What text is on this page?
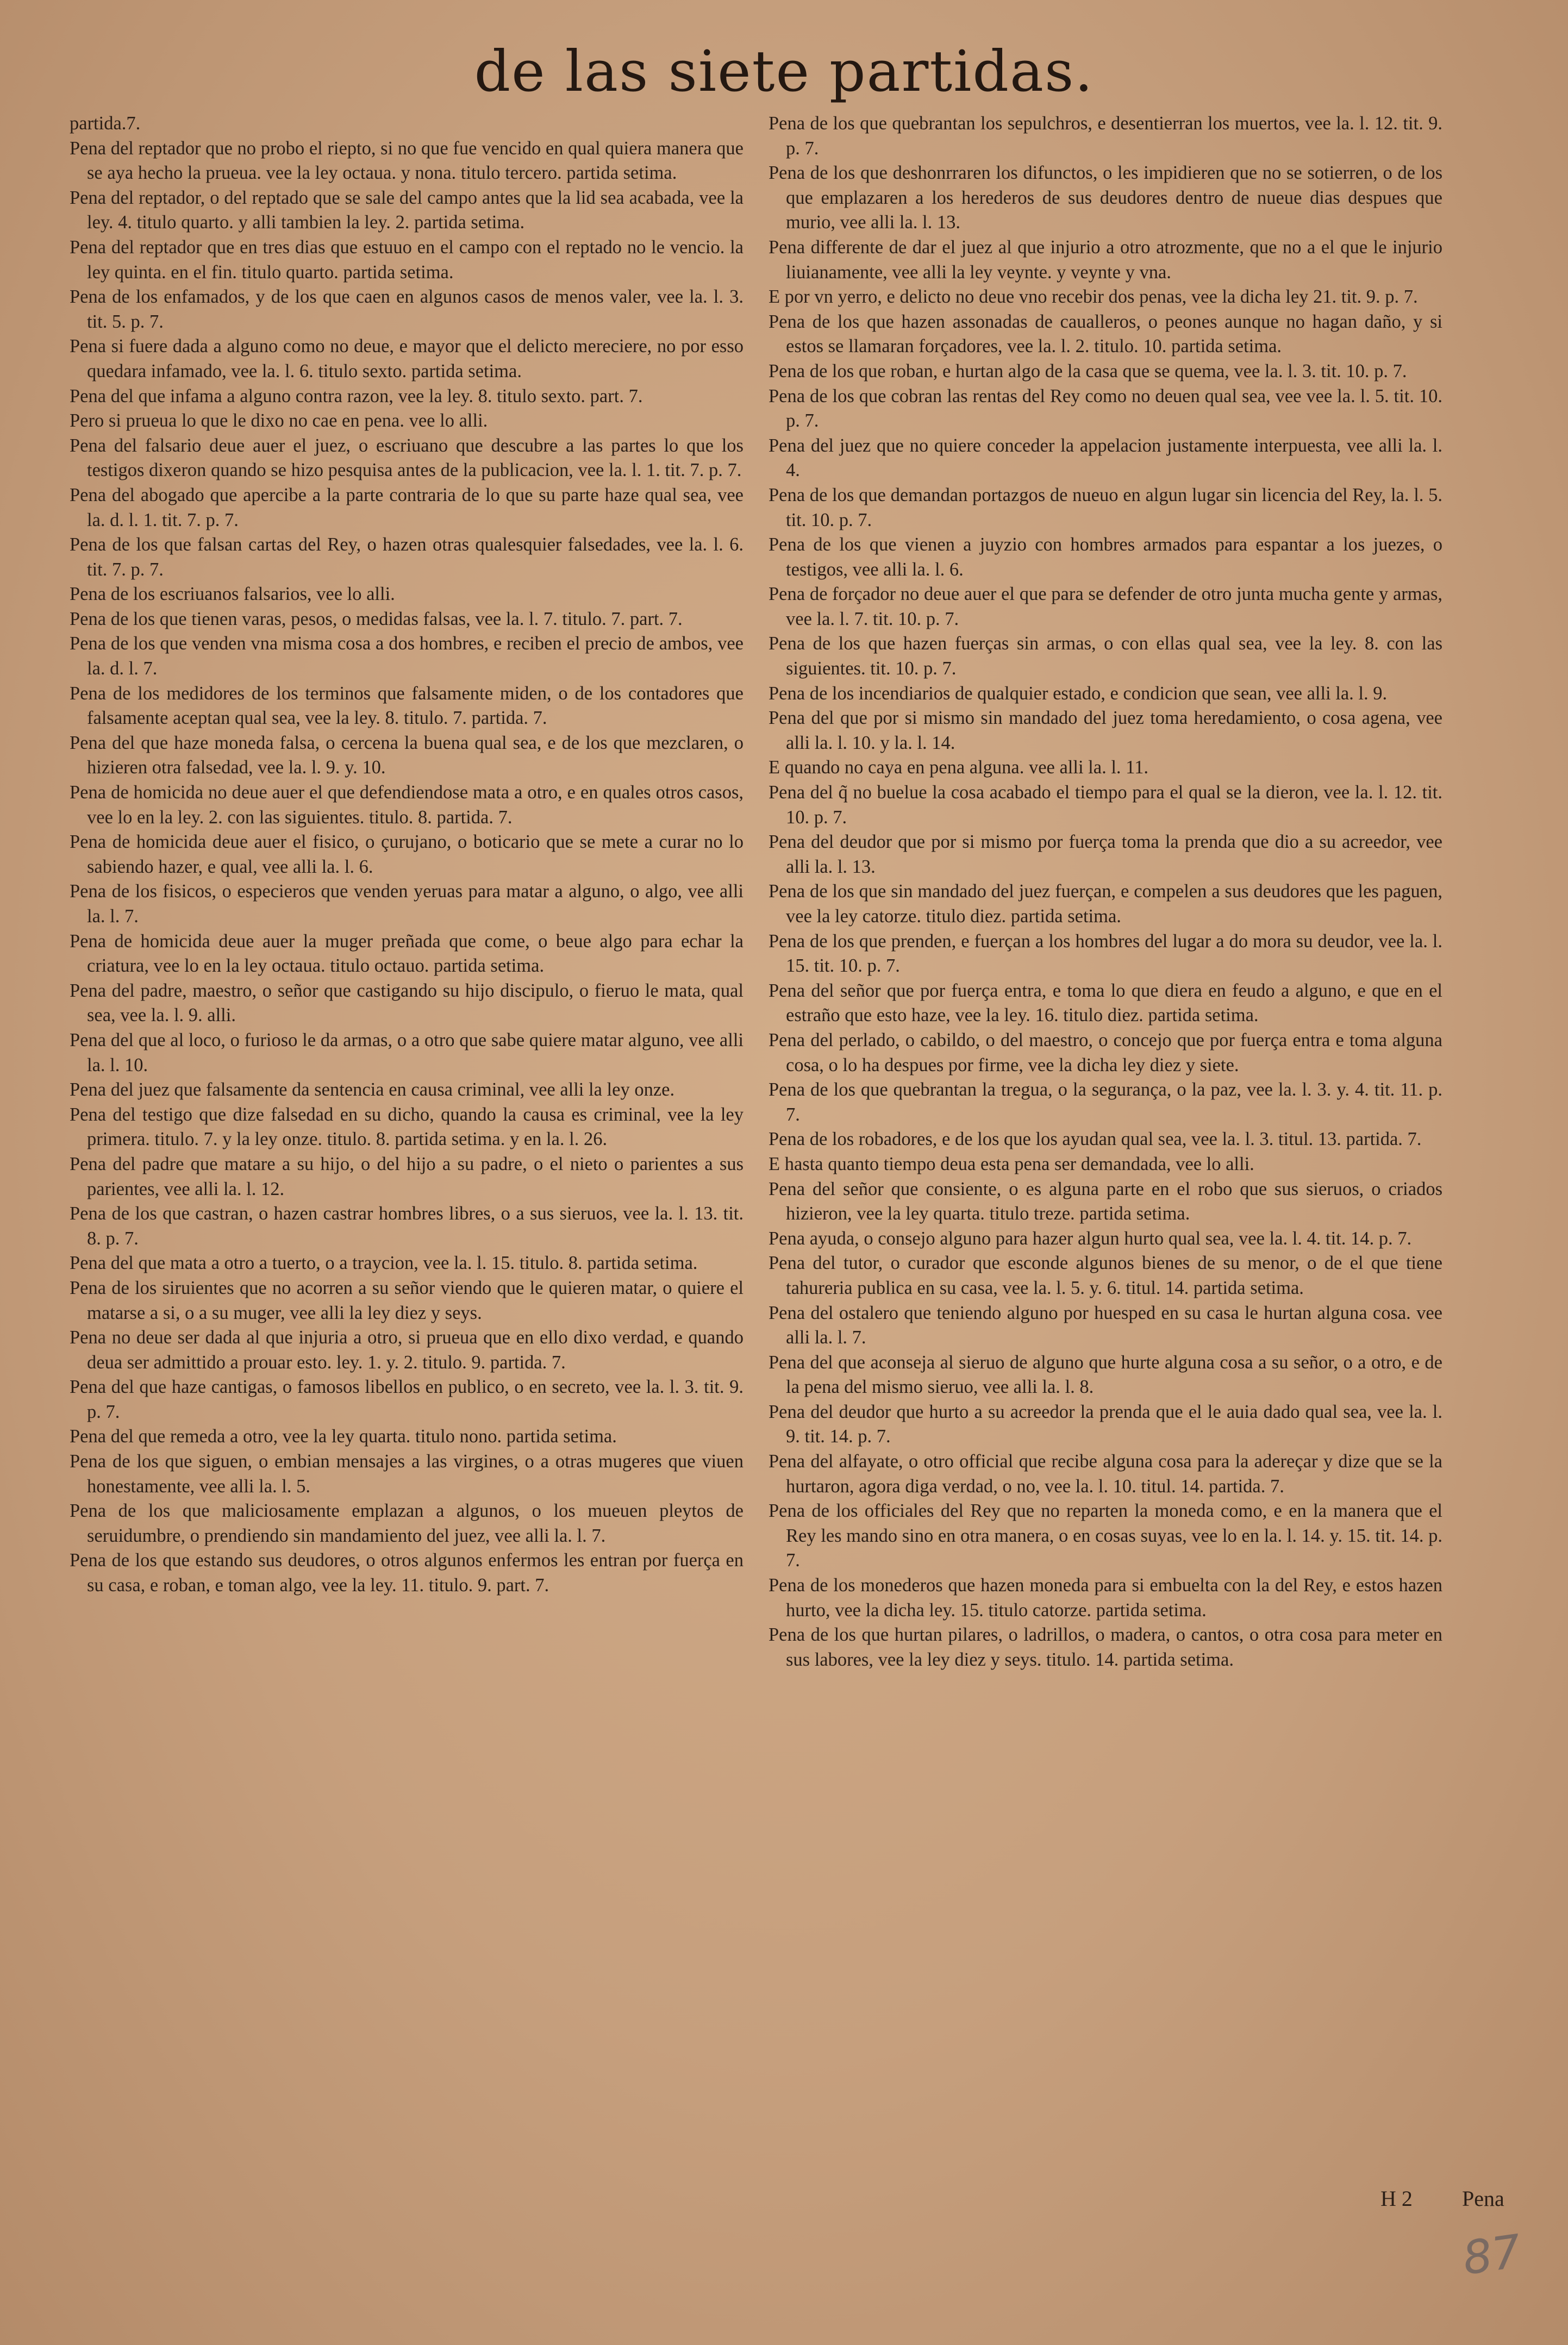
de las siete partidas.

partida.7.

Pena del reptador que no probo el riepto, si no que fue vencido en qual quiera manera que se aya hecho la prueua. vee la ley octaua. y nona. titulo tercero. partida setima.

Pena del reptador, o del reptado que se sale del campo antes que la lid sea acabada, vee la ley. 4. titulo quarto. y alli tambien la ley. 2. partida setima.

Pena del reptador que en tres dias que estuuo en el campo con el reptado no le vencio. la ley quinta. en el fin. titulo quarto. partida setima.

Pena de los enfamados, y de los que caen en algunos casos de menos valer, vee la. l. 3. tit. 5. p. 7.

Pena si fuere dada a alguno como no deue, e mayor que el delicto mereciere, no por esso quedara infamado, vee la. l. 6. titulo sexto. partida setima.

Pena del que infama a alguno contra razon, vee la ley. 8. titulo sexto. part. 7.

Pero si prueua lo que le dixo no cae en pena. vee lo alli.

Pena del falsario deue auer el juez, o escriuano que descubre a las partes lo que los testigos dixeron quando se hizo pesquisa antes de la publicacion, vee la. l. 1. tit. 7. p. 7.

Pena del abogado que apercibe a la parte contraria de lo que su parte haze qual sea, vee la. d. l. 1. tit. 7. p. 7.

Pena de los que falsan cartas del Rey, o hazen otras qualesquier falsedades, vee la. l. 6. tit. 7. p. 7.

Pena de los escriuanos falsarios, vee lo alli.

Pena de los que tienen varas, pesos, o medidas falsas, vee la. l. 7. titulo. 7. part. 7.

Pena de los que venden vna misma cosa a dos hombres, e reciben el precio de ambos, vee la. d. l. 7.

Pena de los medidores de los terminos que falsamente miden, o de los contadores que falsamente aceptan qual sea, vee la ley. 8. titulo. 7. partida. 7.

Pena del que haze moneda falsa, o cercena la buena qual sea, e de los que mezclaren, o hizieren otra falsedad, vee la. l. 9. y. 10.

Pena de homicida no deue auer el que defendiendose mata a otro, e en quales otros casos, vee lo en la ley. 2. con las siguientes. titulo. 8. partida. 7.

Pena de homicida deue auer el fisico, o çurujano, o boticario que se mete a curar no lo sabiendo hazer, e qual, vee alli la. l. 6.

Pena de los fisicos, o especieros que venden yeruas para matar a alguno, o algo, vee alli la. l. 7.

Pena de homicida deue auer la muger preñada que come, o beue algo para echar la criatura, vee lo en la ley octaua. titulo octauo. partida setima.

Pena del padre, maestro, o señor que castigando su hijo discipulo, o fieruo le mata, qual sea, vee la. l. 9. alli.

Pena del que al loco, o furioso le da armas, o a otro que sabe quiere matar alguno, vee alli la. l. 10.

Pena del juez que falsamente da sentencia en causa criminal, vee alli la ley onze.

Pena del testigo que dize falsedad en su dicho, quando la causa es criminal, vee la ley primera. titulo. 7. y la ley onze. titulo. 8. partida setima. y en la. l. 26.

Pena del padre que matare a su hijo, o del hijo a su padre, o el nieto o parientes a sus parientes, vee alli la. l. 12.

Pena de los que castran, o hazen castrar hombres libres, o a sus sieruos, vee la. l. 13. tit. 8. p. 7.

Pena del que mata a otro a tuerto, o a traycion, vee la. l. 15. titulo. 8. partida setima.

Pena de los siruientes que no acorren a su señor viendo que le quieren matar, o quiere el matarse a si, o a su muger, vee alli la ley diez y seys.

Pena no deue ser dada al que injuria a otro, si prueua que en ello dixo verdad, e quando deua ser admittido a prouar esto. ley. 1. y. 2. titulo. 9. partida. 7.

Pena del que haze cantigas, o famosos libellos en publico, o en secreto, vee la. l. 3. tit. 9. p. 7.

Pena del que remeda a otro, vee la ley quarta. titulo nono. partida setima.

Pena de los que siguen, o embian mensajes a las virgines, o a otras mugeres que viuen honestamente, vee alli la. l. 5.

Pena de los que maliciosamente emplazan a algunos, o los mueuen pleytos de seruidumbre, o prendiendo sin mandamiento del juez, vee alli la. l. 7.

Pena de los que estando sus deudores, o otros algunos enfermos les entran por fuerça en su casa, e roban, e toman algo, vee la ley. 11. titulo. 9. part. 7.

Pena de los que quebrantan los sepulchros, e desentierran los muertos, vee la. l. 12. tit. 9. p. 7.

Pena de los que deshonrraren los difunctos, o les impidieren que no se sotierren, o de los que emplazaren a los herederos de sus deudores dentro de nueue dias despues que murio, vee alli la. l. 13.

Pena differente de dar el juez al que injurio a otro atrozmente, que no a el que le injurio liuianamente, vee alli la ley veynte. y veynte y vna.

E por vn yerro, e delicto no deue vno recebir dos penas, vee la dicha ley 21. tit. 9. p. 7.

Pena de los que hazen assonadas de caualleros, o peones aunque no hagan daño, y si estos se llamaran forçadores, vee la. l. 2. titulo. 10. partida setima.

Pena de los que roban, e hurtan algo de la casa que se quema, vee la. l. 3. tit. 10. p. 7.

Pena de los que cobran las rentas del Rey como no deuen qual sea, vee vee la. l. 5. tit. 10. p. 7.

Pena del juez que no quiere conceder la appelacion justamente interpuesta, vee alli la. l. 4.

Pena de los que demandan portazgos de nueuo en algun lugar sin licencia del Rey, la. l. 5. tit. 10. p. 7.

Pena de los que vienen a juyzio con hombres armados para espantar a los juezes, o testigos, vee alli la. l. 6.

Pena de forçador no deue auer el que para se defender de otro junta mucha gente y armas, vee la. l. 7. tit. 10. p. 7.

Pena de los que hazen fuerças sin armas, o con ellas qual sea, vee la ley. 8. con las siguientes. tit. 10. p. 7.

Pena de los incendiarios de qualquier estado, e condicion que sean, vee alli la. l. 9.

Pena del que por si mismo sin mandado del juez toma heredamiento, o cosa agena, vee alli la. l. 10. y la. l. 14.

E quando no caya en pena alguna. vee alli la. l. 11.

Pena del q̃ no buelue la cosa acabado el tiempo para el qual se la dieron, vee la. l. 12. tit. 10. p. 7.

Pena del deudor que por si mismo por fuerça toma la prenda que dio a su acreedor, vee alli la. l. 13.

Pena de los que sin mandado del juez fuerçan, e compelen a sus deudores que les paguen, vee la ley catorze. titulo diez. partida setima.

Pena de los que prenden, e fuerçan a los hombres del lugar a do mora su deudor, vee la. l. 15. tit. 10. p. 7.

Pena del señor que por fuerça entra, e toma lo que diera en feudo a alguno, e que en el estraño que esto haze, vee la ley. 16. titulo diez. partida setima.

Pena del perlado, o cabildo, o del maestro, o concejo que por fuerça entra e toma alguna cosa, o lo ha despues por firme, vee la dicha ley diez y siete.

Pena de los que quebrantan la tregua, o la segurança, o la paz, vee la. l. 3. y. 4. tit. 11. p. 7.

Pena de los robadores, e de los que los ayudan qual sea, vee la. l. 3. titul. 13. partida. 7.

E hasta quanto tiempo deua esta pena ser demandada, vee lo alli.

Pena del señor que consiente, o es alguna parte en el robo que sus sieruos, o criados hizieron, vee la ley quarta. titulo treze. partida setima.

Pena ayuda, o consejo alguno para hazer algun hurto qual sea, vee la. l. 4. tit. 14. p. 7.

Pena del tutor, o curador que esconde algunos bienes de su menor, o de el que tiene tahureria publica en su casa, vee la. l. 5. y. 6. titul. 14. partida setima.

Pena del ostalero que teniendo alguno por huesped en su casa le hurtan alguna cosa. vee alli la. l. 7.

Pena del que aconseja al sieruo de alguno que hurte alguna cosa a su señor, o a otro, e de la pena del mismo sieruo, vee alli la. l. 8.

Pena del deudor que hurto a su acreedor la prenda que el le auia dado qual sea, vee la. l. 9. tit. 14. p. 7.

Pena del alfayate, o otro official que recibe alguna cosa para la adereçar y dize que se la hurtaron, agora diga verdad, o no, vee la. l. 10. titul. 14. partida. 7.

Pena de los officiales del Rey que no reparten la moneda como, e en la manera que el Rey les mando sino en otra manera, o en cosas suyas, vee lo en la. l. 14. y. 15. tit. 14. p. 7.

Pena de los monederos que hazen moneda para si embuelta con la del Rey, e estos hazen hurto, vee la dicha ley. 15. titulo catorze. partida setima.

Pena de los que hurtan pilares, o ladrillos, o madera, o cantos, o otra cosa para meter en sus labores, vee la ley diez y seys. titulo. 14. partida setima.

H 2	Pena
87
